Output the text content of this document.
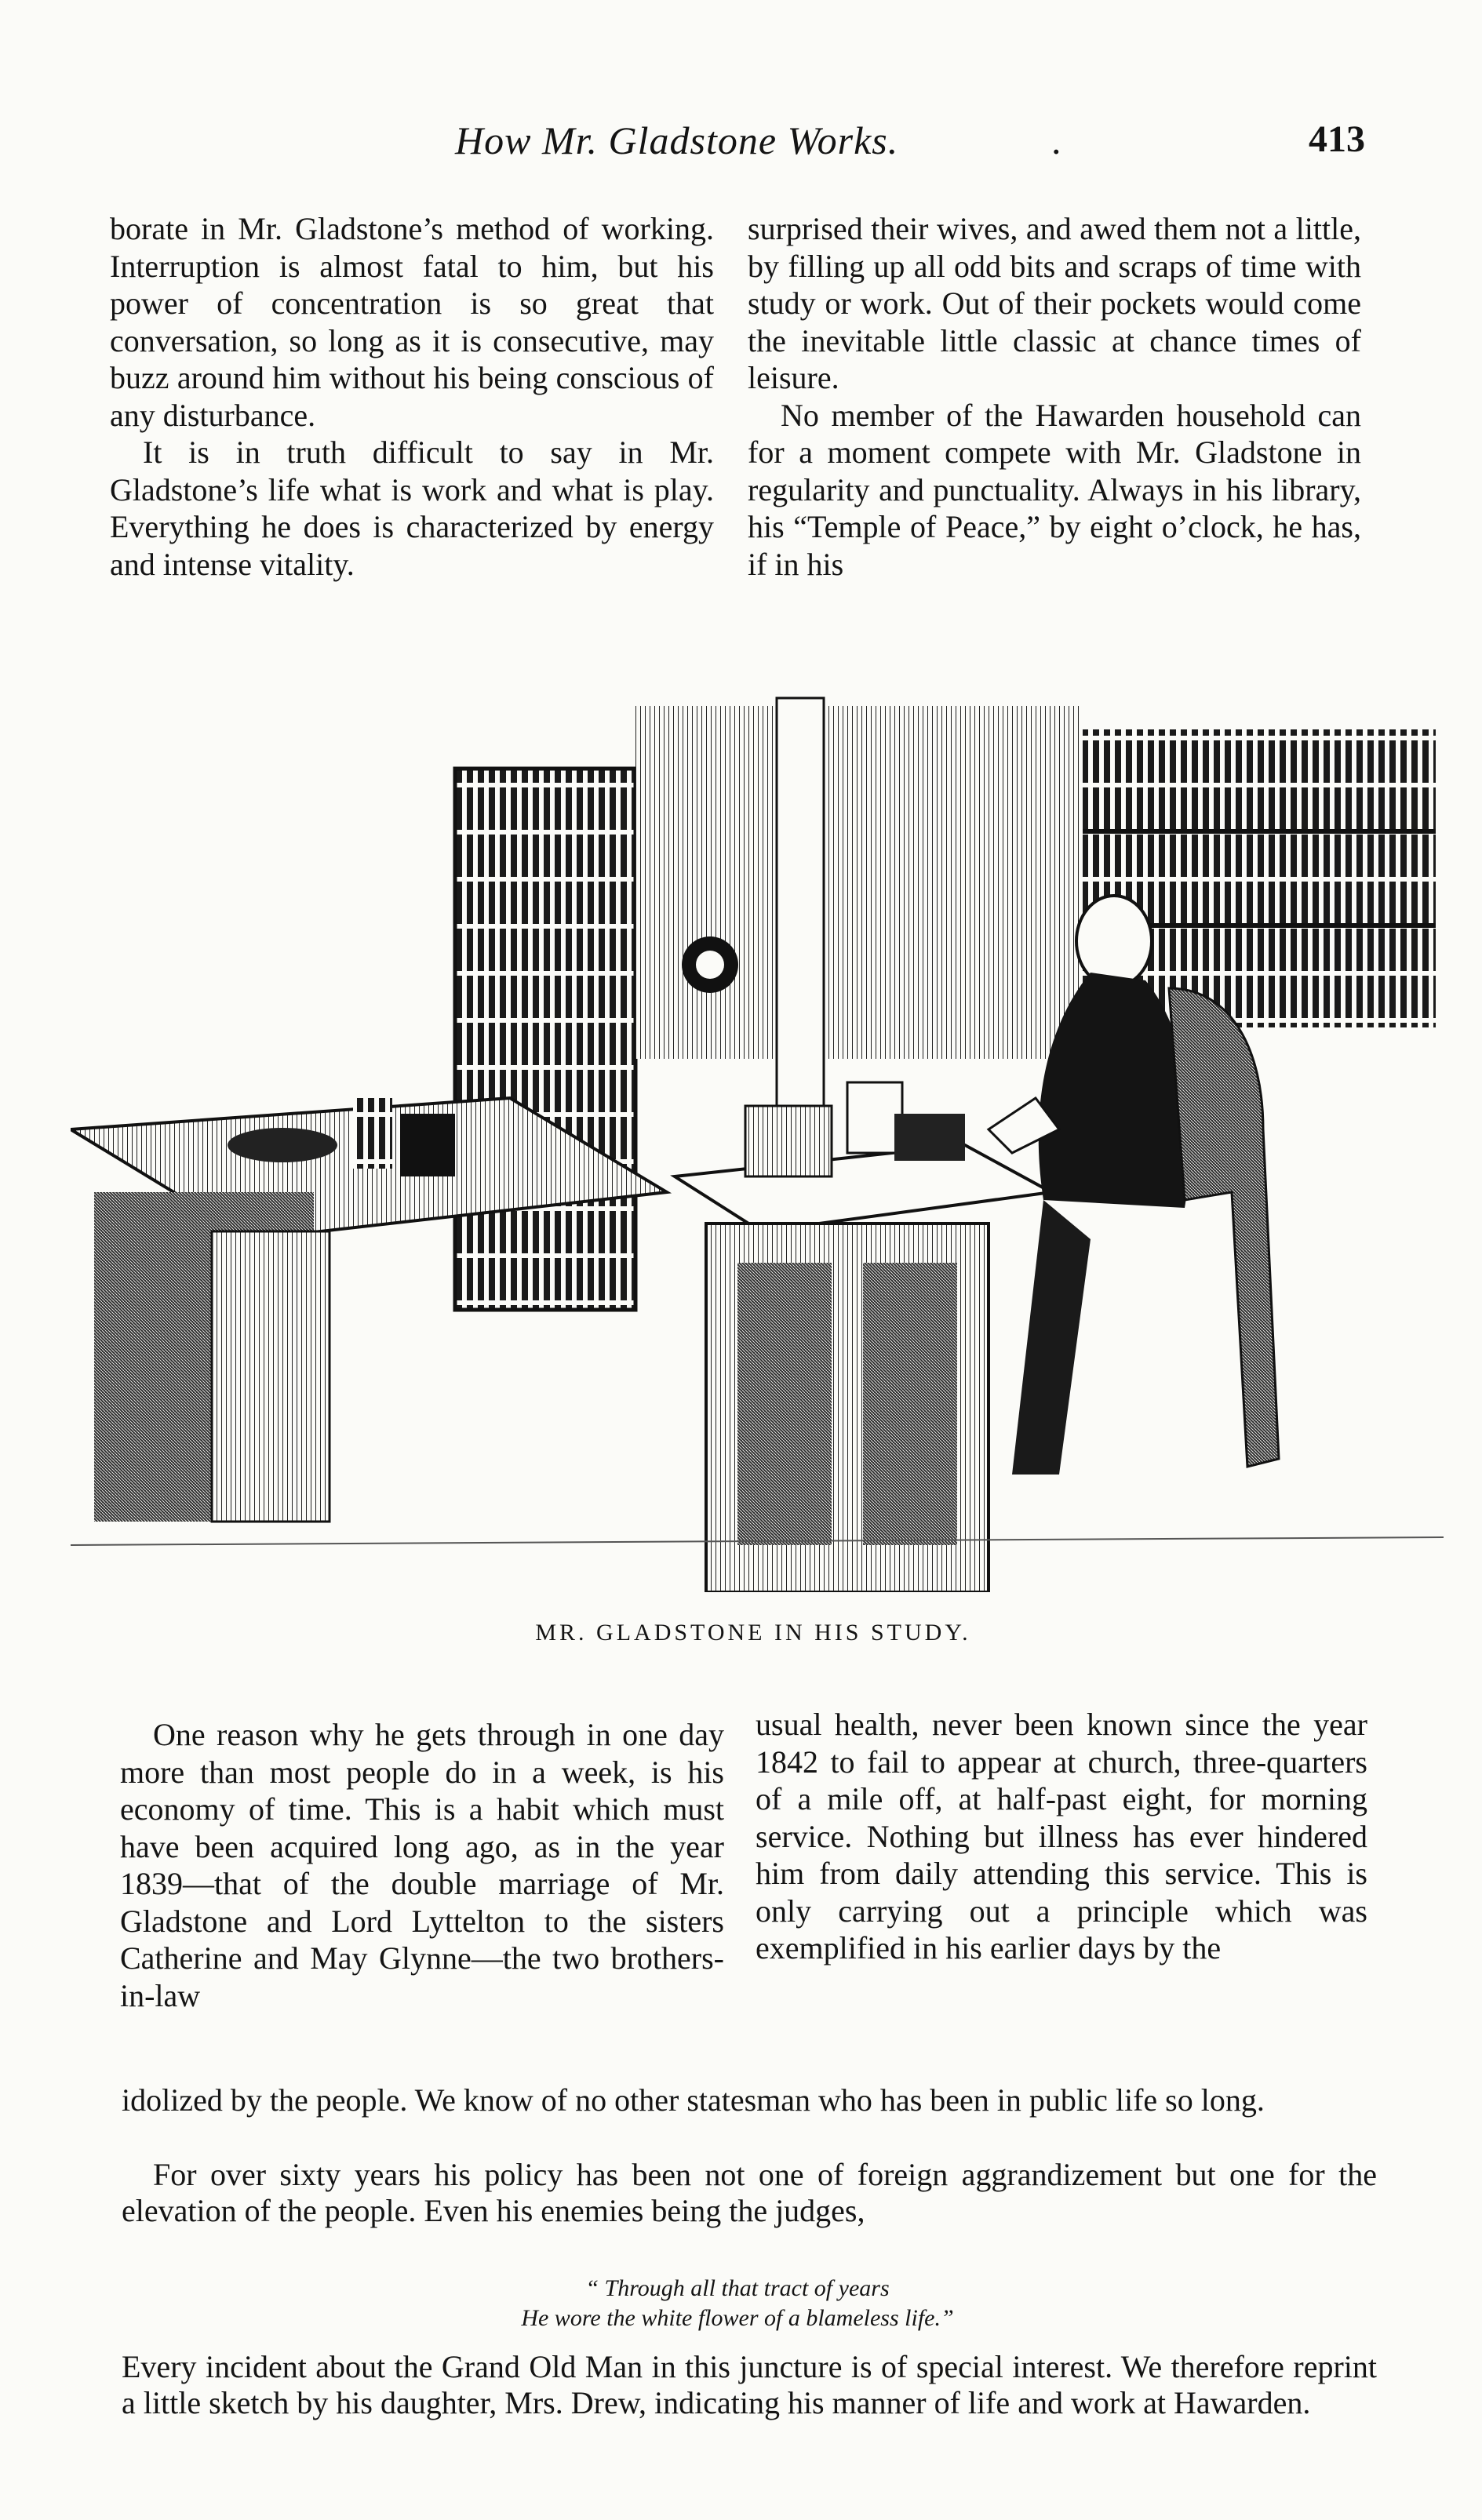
How Mr. Gladstone Works.	.	413

borate in Mr. Gladstone’s method of working. Interruption is almost fatal to him, but his power of concentration is so great that conversation, so long as it is consecutive, may buzz around him without his being conscious of any disturbance.

It is in truth difficult to say in Mr. Gladstone’s life what is work and what is play. Everything he does is characterized by energy and intense vitality.

surprised their wives, and awed them not a little, by filling up all odd bits and scraps of time with study or work. Out of their pockets would come the inevitable little classic at chance times of leisure.

No member of the Hawarden household can for a moment compete with Mr. Gladstone in regularity and punctuality. Always in his library, his “Temple of Peace,” by eight o’clock, he has, if in his

MR. GLADSTONE IN HIS STUDY.

One reason why he gets through in one day more than most people do in a week, is his economy of time. This is a habit which must have been acquired long ago, as in the year 1839—that of the double marriage of Mr. Gladstone and Lord Lyttelton to the sisters Catherine and May Glynne—the two brothers-in-law

usual health, never been known since the year 1842 to fail to appear at church, three-quarters of a mile off, at half-past eight, for morning service. Nothing but illness has ever hindered him from daily attending this service. This is only carrying out a principle which was exemplified in his earlier days by the

idolized by the people. We know of no other statesman who has been in public life so long.

For over sixty years his policy has been not one of foreign aggrandizement but one for the elevation of the people. Even his enemies being the judges,

“ Through all that tract of years
He wore the white flower of a blameless life.”

Every incident about the Grand Old Man in this juncture is of special interest. We therefore reprint a little sketch by his daughter, Mrs. Drew, indicating his manner of life and work at Hawarden.
